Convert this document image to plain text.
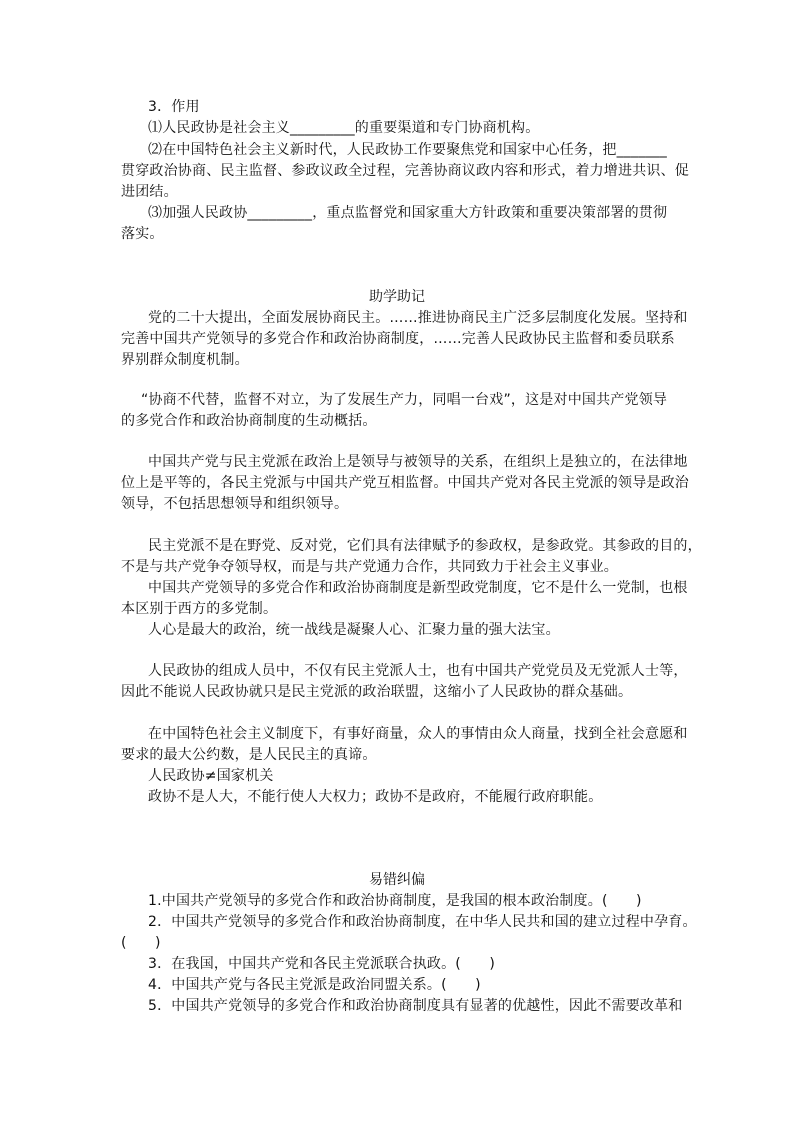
3．作用
⑴人民政协是社会主义_________的重要渠道和专门协商机构。
⑵在中国特色社会主义新时代，人民政协工作要聚焦党和国家中心任务，把_______
贯穿政治协商、民主监督、参政议政全过程，完善协商议政内容和形式，着力增进共识、促
进团结。
⑶加强人民政协_________，重点监督党和国家重大方针政策和重要决策部署的贯彻
落实。
助学助记
党的二十大提出，全面发展协商民主。……推进协商民主广泛多层制度化发展。坚持和
完善中国共产党领导的多党合作和政治协商制度，……完善人民政协民主监督和委员联系
界别群众制度机制。
“协商不代替，监督不对立，为了发展生产力，同唱一台戏”，这是对中国共产党领导
的多党合作和政治协商制度的生动概括。
中国共产党与民主党派在政治上是领导与被领导的关系，在组织上是独立的，在法律地
位上是平等的，各民主党派与中国共产党互相监督。中国共产党对各民主党派的领导是政治
领导，不包括思想领导和组织领导。
民主党派不是在野党、反对党，它们具有法律赋予的参政权，是参政党。其参政的目的，
不是与共产党争夺领导权，而是与共产党通力合作，共同致力于社会主义事业。
中国共产党领导的多党合作和政治协商制度是新型政党制度，它不是什么一党制，也根
本区别于西方的多党制。
人心是最大的政治，统一战线是凝聚人心、汇聚力量的强大法宝。
人民政协的组成人员中，不仅有民主党派人士，也有中国共产党党员及无党派人士等，
因此不能说人民政协就只是民主党派的政治联盟，这缩小了人民政协的群众基础。
在中国特色社会主义制度下，有事好商量，众人的事情由众人商量，找到全社会意愿和
要求的最大公约数，是人民民主的真谛。
人民政协≠国家机关
政协不是人大，不能行使人大权力；政协不是政府，不能履行政府职能。
易错纠偏
1.中国共产党领导的多党合作和政治协商制度，是我国的根本政治制度。(　　)
2．中国共产党领导的多党合作和政治协商制度，在中华人民共和国的建立过程中孕育。
(　　)
3．在我国，中国共产党和各民主党派联合执政。(　　)
4．中国共产党与各民主党派是政治同盟关系。(　　)
5．中国共产党领导的多党合作和政治协商制度具有显著的优越性，因此不需要改革和
